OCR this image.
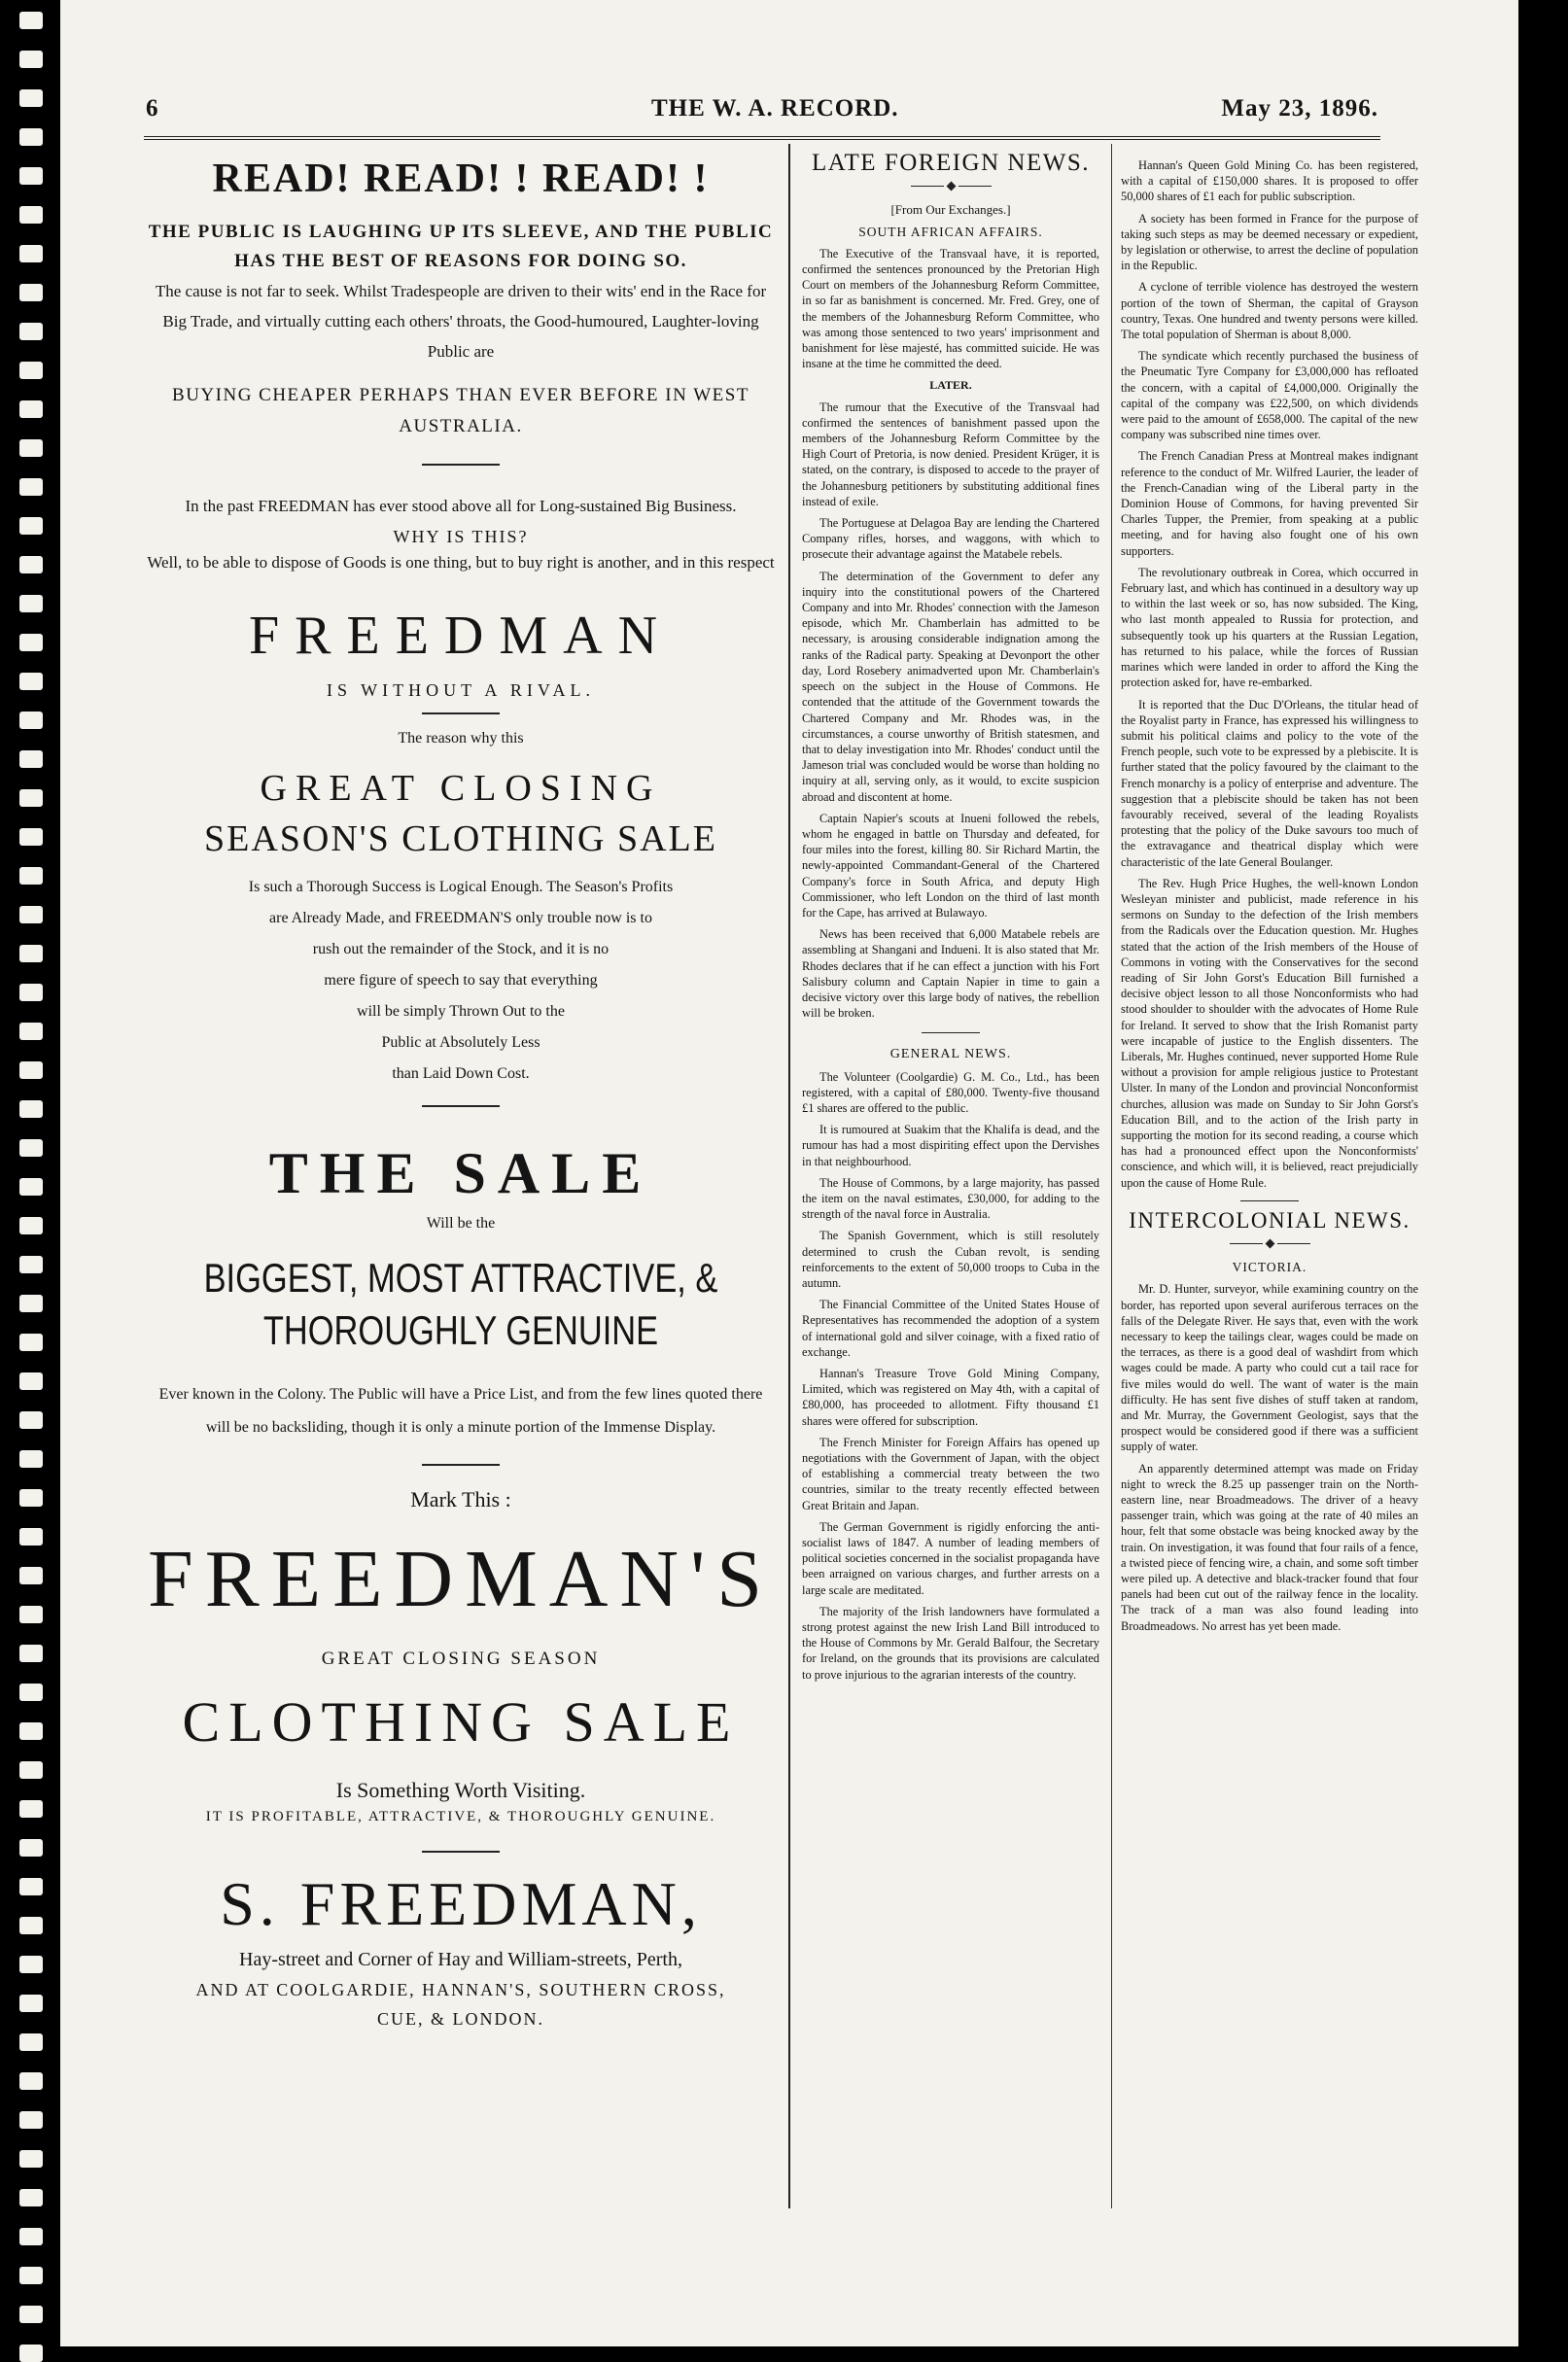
6	THE W. A. RECORD.	May 23, 1896.

READ! READ! ! READ! !

THE PUBLIC IS LAUGHING UP ITS SLEEVE, AND THE PUBLIC HAS THE BEST OF REASONS FOR DOING SO.

The cause is not far to seek. Whilst Tradespeople are driven to their wits' end in the Race for Big Trade, and virtually cutting each others' throats, the Good-humoured, Laughter-loving Public are

BUYING CHEAPER PERHAPS THAN EVER BEFORE IN WEST AUSTRALIA.

In the past FREEDMAN has ever stood above all for Long-sustained Big Business.

WHY IS THIS?

Well, to be able to dispose of Goods is one thing, but to buy right is another, and in this respect

FREEDMAN

IS WITHOUT A RIVAL.

The reason why this

GREAT CLOSING

SEASON'S CLOTHING SALE

Is such a Thorough Success is Logical Enough. The Season's Profits
are Already Made, and FREEDMAN'S only trouble now is to
rush out the remainder of the Stock, and it is no
mere figure of speech to say that everything
will be simply Thrown Out to the
Public at Absolutely Less
than Laid Down Cost.

THE SALE

Will be the

BIGGEST, MOST ATTRACTIVE, &

THOROUGHLY GENUINE

Ever known in the Colony. The Public will have a Price List, and from the few lines quoted there will be no backsliding, though it is only a minute portion of the Immense Display.

Mark This :

FREEDMAN'S

GREAT CLOSING SEASON

CLOTHING SALE

Is Something Worth Visiting.

IT IS PROFITABLE, ATTRACTIVE, & THOROUGHLY GENUINE.

S. FREEDMAN,

Hay-street and Corner of Hay and William-streets, Perth,

AND AT COOLGARDIE, HANNAN'S, SOUTHERN CROSS,

CUE, & LONDON.

LATE FOREIGN NEWS.

[From Our Exchanges.]

SOUTH AFRICAN AFFAIRS.

The Executive of the Transvaal have, it is reported, confirmed the sentences pronounced by the Pretorian High Court on members of the Johannesburg Reform Committee, in so far as banishment is concerned. Mr. Fred. Grey, one of the members of the Johannesburg Reform Committee, who was among those sentenced to two years' imprisonment and banishment for lèse majesté, has committed suicide. He was insane at the time he committed the deed.

LATER.

The rumour that the Executive of the Transvaal had confirmed the sentences of banishment passed upon the members of the Johannesburg Reform Committee by the High Court of Pretoria, is now denied. President Krüger, it is stated, on the contrary, is disposed to accede to the prayer of the Johannesburg petitioners by substituting additional fines instead of exile.

The Portuguese at Delagoa Bay are lending the Chartered Company rifles, horses, and waggons, with which to prosecute their advantage against the Matabele rebels.

The determination of the Government to defer any inquiry into the constitutional powers of the Chartered Company and into Mr. Rhodes' connection with the Jameson episode, which Mr. Chamberlain has admitted to be necessary, is arousing considerable indignation among the ranks of the Radical party. Speaking at Devonport the other day, Lord Rosebery animadverted upon Mr. Chamberlain's speech on the subject in the House of Commons. He contended that the attitude of the Government towards the Chartered Company and Mr. Rhodes was, in the circumstances, a course unworthy of British statesmen, and that to delay investigation into Mr. Rhodes' conduct until the Jameson trial was concluded would be worse than holding no inquiry at all, serving only, as it would, to excite suspicion abroad and discontent at home.

Captain Napier's scouts at Inueni followed the rebels, whom he engaged in battle on Thursday and defeated, for four miles into the forest, killing 80. Sir Richard Martin, the newly-appointed Commandant-General of the Chartered Company's force in South Africa, and deputy High Commissioner, who left London on the third of last month for the Cape, has arrived at Bulawayo.

News has been received that 6,000 Matabele rebels are assembling at Shangani and Indueni. It is also stated that Mr. Rhodes declares that if he can effect a junction with his Fort Salisbury column and Captain Napier in time to gain a decisive victory over this large body of natives, the rebellion will be broken.

GENERAL NEWS.

The Volunteer (Coolgardie) G. M. Co., Ltd., has been registered, with a capital of £80,000. Twenty-five thousand £1 shares are offered to the public.

It is rumoured at Suakim that the Khalifa is dead, and the rumour has had a most dispiriting effect upon the Dervishes in that neighbourhood.

The House of Commons, by a large majority, has passed the item on the naval estimates, £30,000, for adding to the strength of the naval force in Australia.

The Spanish Government, which is still resolutely determined to crush the Cuban revolt, is sending reinforcements to the extent of 50,000 troops to Cuba in the autumn.

The Financial Committee of the United States House of Representatives has recommended the adoption of a system of international gold and silver coinage, with a fixed ratio of exchange.

Hannan's Treasure Trove Gold Mining Company, Limited, which was registered on May 4th, with a capital of £80,000, has proceeded to allotment. Fifty thousand £1 shares were offered for subscription.

The French Minister for Foreign Affairs has opened up negotiations with the Government of Japan, with the object of establishing a commercial treaty between the two countries, similar to the treaty recently effected between Great Britain and Japan.

The German Government is rigidly enforcing the anti-socialist laws of 1847. A number of leading members of political societies concerned in the socialist propaganda have been arraigned on various charges, and further arrests on a large scale are meditated.

The majority of the Irish landowners have formulated a strong protest against the new Irish Land Bill introduced to the House of Commons by Mr. Gerald Balfour, the Secretary for Ireland, on the grounds that its provisions are calculated to prove injurious to the agrarian interests of the country.

Hannan's Queen Gold Mining Co. has been registered, with a capital of £150,000 shares. It is proposed to offer 50,000 shares of £1 each for public subscription.

A society has been formed in France for the purpose of taking such steps as may be deemed necessary or expedient, by legislation or otherwise, to arrest the decline of population in the Republic.

A cyclone of terrible violence has destroyed the western portion of the town of Sherman, the capital of Grayson country, Texas. One hundred and twenty persons were killed. The total population of Sherman is about 8,000.

The syndicate which recently purchased the business of the Pneumatic Tyre Company for £3,000,000 has refloated the concern, with a capital of £4,000,000. Originally the capital of the company was £22,500, on which dividends were paid to the amount of £658,000. The capital of the new company was subscribed nine times over.

The French Canadian Press at Montreal makes indignant reference to the conduct of Mr. Wilfred Laurier, the leader of the French-Canadian wing of the Liberal party in the Dominion House of Commons, for having prevented Sir Charles Tupper, the Premier, from speaking at a public meeting, and for having also fought one of his own supporters.

The revolutionary outbreak in Corea, which occurred in February last, and which has continued in a desultory way up to within the last week or so, has now subsided. The King, who last month appealed to Russia for protection, and subsequently took up his quarters at the Russian Legation, has returned to his palace, while the forces of Russian marines which were landed in order to afford the King the protection asked for, have re-embarked.

It is reported that the Duc D'Orleans, the titular head of the Royalist party in France, has expressed his willingness to submit his political claims and policy to the vote of the French people, such vote to be expressed by a plebiscite. It is further stated that the policy favoured by the claimant to the French monarchy is a policy of enterprise and adventure. The suggestion that a plebiscite should be taken has not been favourably received, several of the leading Royalists protesting that the policy of the Duke savours too much of the extravagance and theatrical display which were characteristic of the late General Boulanger.

The Rev. Hugh Price Hughes, the well-known London Wesleyan minister and publicist, made reference in his sermons on Sunday to the defection of the Irish members from the Radicals over the Education question. Mr. Hughes stated that the action of the Irish members of the House of Commons in voting with the Conservatives for the second reading of Sir John Gorst's Education Bill furnished a decisive object lesson to all those Nonconformists who had stood shoulder to shoulder with the advocates of Home Rule for Ireland. It served to show that the Irish Romanist party were incapable of justice to the English dissenters. The Liberals, Mr. Hughes continued, never supported Home Rule without a provision for ample religious justice to Protestant Ulster. In many of the London and provincial Nonconformist churches, allusion was made on Sunday to Sir John Gorst's Education Bill, and to the action of the Irish party in supporting the motion for its second reading, a course which has had a pronounced effect upon the Nonconformists' conscience, and which will, it is believed, react prejudicially upon the cause of Home Rule.

INTERCOLONIAL NEWS.

VICTORIA.

Mr. D. Hunter, surveyor, while examining country on the border, has reported upon several auriferous terraces on the falls of the Delegate River. He says that, even with the work necessary to keep the tailings clear, wages could be made on the terraces, as there is a good deal of washdirt from which wages could be made. A party who could cut a tail race for five miles would do well. The want of water is the main difficulty. He has sent five dishes of stuff taken at random, and Mr. Murray, the Government Geologist, says that the prospect would be considered good if there was a sufficient supply of water.

An apparently determined attempt was made on Friday night to wreck the 8.25 up passenger train on the North-eastern line, near Broadmeadows. The driver of a heavy passenger train, which was going at the rate of 40 miles an hour, felt that some obstacle was being knocked away by the train. On investigation, it was found that four rails of a fence, a twisted piece of fencing wire, a chain, and some soft timber were piled up. A detective and black-tracker found that four panels had been cut out of the railway fence in the locality. The track of a man was also found leading into Broadmeadows. No arrest has yet been made.
